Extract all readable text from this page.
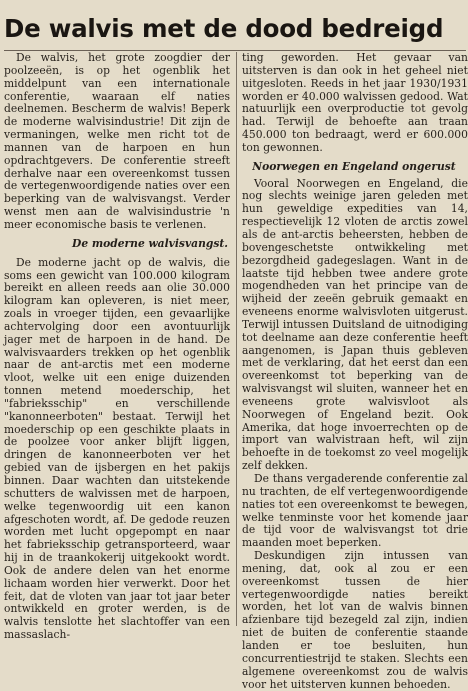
De walvis met de dood bedreigd

De walvis, het grote zoogdier der poolzeeën, is op het ogenblik het middelpunt van een internationale conferentie, waaraan elf naties deelnemen. Bescherm de walvis! Beperk de moderne walvisindustrie! Dit zijn de vermaningen, welke men richt tot de mannen van de harpoen en hun opdrachtgevers. De conferentie streeft derhalve naar een overeenkomst tussen de vertegenwoordigende naties over een beperking van de walvisvangst. Verder wenst men aan de walvisindustrie 'n meer economische basis te verlenen.

De moderne walvisvangst.

De moderne jacht op de walvis, die soms een gewicht van 100.000 kilogram bereikt en alleen reeds aan olie 30.000 kilogram kan opleveren, is niet meer, zoals in vroeger tijden, een gevaarlijke achtervolging door een avontuurlijk jager met de harpoen in de hand. De walvisvaarders trekken op het ogenblik naar de ant-arctis met een moderne vloot, welke uit een enige duizenden tonnen metend moederschip, het "fabrieksschip" en verschillende "kanonneerboten" bestaat. Terwijl het moederschip op een geschikte plaats in de poolzee voor anker blijft liggen, dringen de kanonneerboten ver het gebied van de ijsbergen en het pakijs binnen. Daar wachten dan uitstekende schutters de walvissen met de harpoen, welke tegenwoordig uit een kanon afgeschoten wordt, af. De gedode reuzen worden met lucht opgepompt en naar het fabrieksschip getransporteerd, waar hij in de traankokerij uitgekookt wordt. Ook de andere delen van het enorme lichaam worden hier verwerkt. Door het feit, dat de vloten van jaar tot jaar beter ontwikkeld en groter werden, is de walvis tenslotte het slachtoffer van een massaslach-

ting geworden. Het gevaar van uitsterven is dan ook in het geheel niet uitgesloten. Reeds in het jaar 1930/1931 worden er 40.000 walvissen gedood. Wat natuurlijk een overproductie tot gevolg had. Terwijl de behoefte aan traan 450.000 ton bedraagt, werd er 600.000 ton gewonnen.

Noorwegen en Engeland ongerust

Vooral Noorwegen en Engeland, die nog slechts weinige jaren geleden met hun geweldige expedities van 14, respectievelijk 12 vloten de arctis zowel als de ant-arctis beheersten, hebben de bovengeschetste ontwikkeling met bezorgdheid gadegeslagen. Want in de laatste tijd hebben twee andere grote mogendheden van het principe van de wijheid der zeeën gebruik gemaakt en eveneens enorme walvisvloten uitgerust. Terwijl intussen Duitsland de uitnodiging tot deelname aan deze conferentie heeft aangenomen, is Japan thuis gebleven met de verklaring, dat het eerst dan een overeenkomst tot beperking van de walvisvangst wil sluiten, wanneer het en eveneens grote walvisvloot als Noorwegen of Engeland bezit. Ook Amerika, dat hoge invoerrechten op de import van walvistraan heft, wil zijn behoefte in de toekomst zo veel mogelijk zelf dekken.

De thans vergaderende conferentie zal nu trachten, de elf vertegenwoordigende naties tot een overeenkomst te bewegen, welke tenminste voor het komende jaar de tijd voor de walvisvangst tot drie maanden moet beperken.

Deskundigen zijn intussen van mening, dat, ook al zou er een overeenkomst tussen de hier vertegenwoordigde naties bereikt worden, het lot van de walvis binnen afzienbare tijd bezegeld zal zijn, indien niet de buiten de conferentie staande landen er toe besluiten, hun concurrentiestrijd te staken. Slechts een algemene overeenkomst zou de walvis voor het uitsterven kunnen behoeden.
